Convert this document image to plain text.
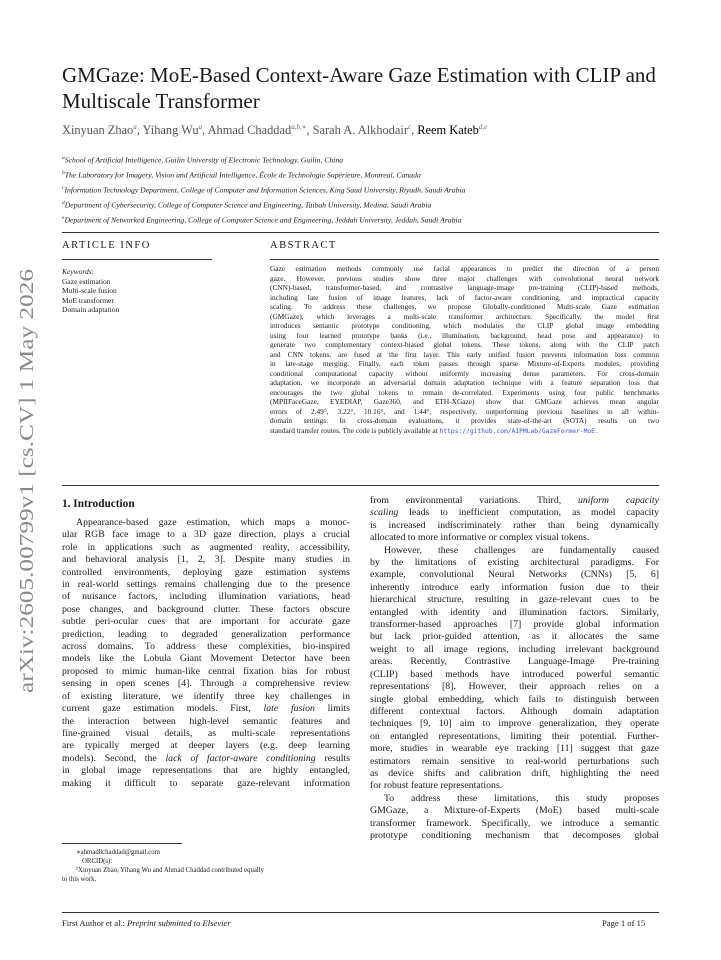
arXiv:2605.00799v1 [cs.CV] 1 May 2026
GMGaze: MoE-Based Context-Aware Gaze Estimation with CLIP and
Multiscale Transformer
Xinyuan Zhao$^a$, Yihang Wu$^a$, Ahmad Chaddad$^{a,b,∗}$, Sarah A. Alkhodair$^c$, Reem Kateb$^{d,e}$
$^a$School of Artificial Intelligence, Guilin University of Electronic Technology, Guilin, China
$^b$The Laboratory for Imagery, Vision and Artificial Intelligence, École de Technologie Supérieure, Montreal, Canada
$^c$Information Technology Department, College of Computer and Information Sciences, King Saud University, Riyadh, Saudi Arabia
$^d$Department of Cybersecurity, College of Computer Science and Engineering, Taibah University, Medina, Saudi Arabia
$^e$Department of Networked Engineering, College of Computer Science and Engineering, Jeddah University, Jeddah, Saudi Arabia
ARTICLE INFO	ABSTRACT
Keywords:
Gaze estimation
Multi-scale fusion
MoE transformer
Domain adaptation
Gaze estimation methods commonly use facial appearances to predict the direction of a person
gaze. However, previous studies show three major challenges with convolutional neural network
(CNN)-based, transformer-based, and contrastive language-image pre-training (CLIP)-based methods,
including late fusion of image features, lack of factor-aware conditioning, and impractical capacity
scaling. To address these challenges, we propose Globally-conditioned Multi-scale Gaze estimation
(GMGaze), which leverages a multi-scale transformer architecture. Specifically, the model first
introduces semantic prototype conditioning, which modulates the CLIP global image embedding
using four learned prototype banks (i.e., illumination, background, head pose and appearance) to
generate two complementary context-biased global tokens. These tokens, along with the CLIP patch
and CNN tokens, are fused at the first layer. This early unified fusion prevents information loss common
in late-stage merging. Finally, each token passes through sparse Mixture-of-Experts modules, providing
conditional computational capacity without uniformly increasing dense parameters. For cross-domain
adaptation, we incorporate an adversarial domain adaptation technique with a feature separation loss that
encourages the two global tokens to remain de-correlated. Experiments using four public benchmarks
(MPIIFaceGaze, EYEDIAP, Gaze360, and ETH-XGaze) show that GMGaze achieves mean angular
errors of 2.49°, 3.22°, 10.16°, and 1.44°, respectively, outperforming previous baselines in all within-
domain settings. In cross-domain evaluations, it provides state-of-the-art (SOTA) results on two
standard transfer routes. The code is publicly available at https://github.com/AIPMLab/GazeFormer-MoE.
1. Introduction
Appearance-based gaze estimation, which maps a monoc-
ular RGB face image to a 3D gaze direction, plays a crucial
role in applications such as augmented reality, accessibility,
and behavioral analysis [1, 2, 3]. Despite many studies in
controlled environments, deploying gaze estimation systems
in real-world settings remains challenging due to the presence
of nuisance factors, including illumination variations, head
pose changes, and background clutter. These factors obscure
subtle peri-ocular cues that are important for accurate gaze
prediction, leading to degraded generalization performance
across domains. To address these complexities, bio-inspired
models like the Lobula Giant Movement Detector have been
proposed to mimic human-like central fixation bias for robust
sensing in open scenes [4]. Through a comprehensive review
of existing literature, we identify three key challenges in
current gaze estimation models. First, late fusion limits
the interaction between high-level semantic features and
fine-grained visual details, as multi-scale representations
are typically merged at deeper layers (e.g. deep learning
models). Second, the lack of factor-aware conditioning results
in global image representations that are highly entangled,
making it difficult to separate gaze-relevant information
∗ahmad8chaddad@gmail.com
ORCID(s):
¹Xinyuan Zhao, Yihang Wu and Ahmad Chaddad contributed equally
to this work.
from environmental variations. Third, uniform capacity
scaling leads to inefficient computation, as model capacity
is increased indiscriminately rather than being dynamically
allocated to more informative or complex visual tokens.
However, these challenges are fundamentally caused
by the limitations of existing architectural paradigms. For
example, convolutional Neural Networks (CNNs) [5, 6]
inherently introduce early information fusion due to their
hierarchical structure, resulting in gaze-relevant cues to be
entangled with identity and illumination factors. Similarly,
transformer-based approaches [7] provide global information
but lack prior-guided attention, as it allocates the same
weight to all image regions, including irrelevant background
areas. Recently, Contrastive Language-Image Pre-training
(CLIP) based methods have introduced powerful semantic
representations [8]. However, their approach relies on a
single global embedding, which fails to distinguish between
different contextual factors. Although domain adaptation
techniques [9, 10] aim to improve generalization, they operate
on entangled representations, limiting their potential. Further-
more, studies in wearable eye tracking [11] suggest that gaze
estimators remain sensitive to real-world perturbations such
as device shifts and calibration drift, highlighting the need
for robust feature representations.
To address these limitations, this study proposes
GMGaze, a Mixture-of-Experts (MoE) based multi-scale
transformer framework. Specifically, we introduce a semantic
prototype conditioning mechanism that decomposes global
First Author et al.: Preprint submitted to Elsevier	Page 1 of 15
